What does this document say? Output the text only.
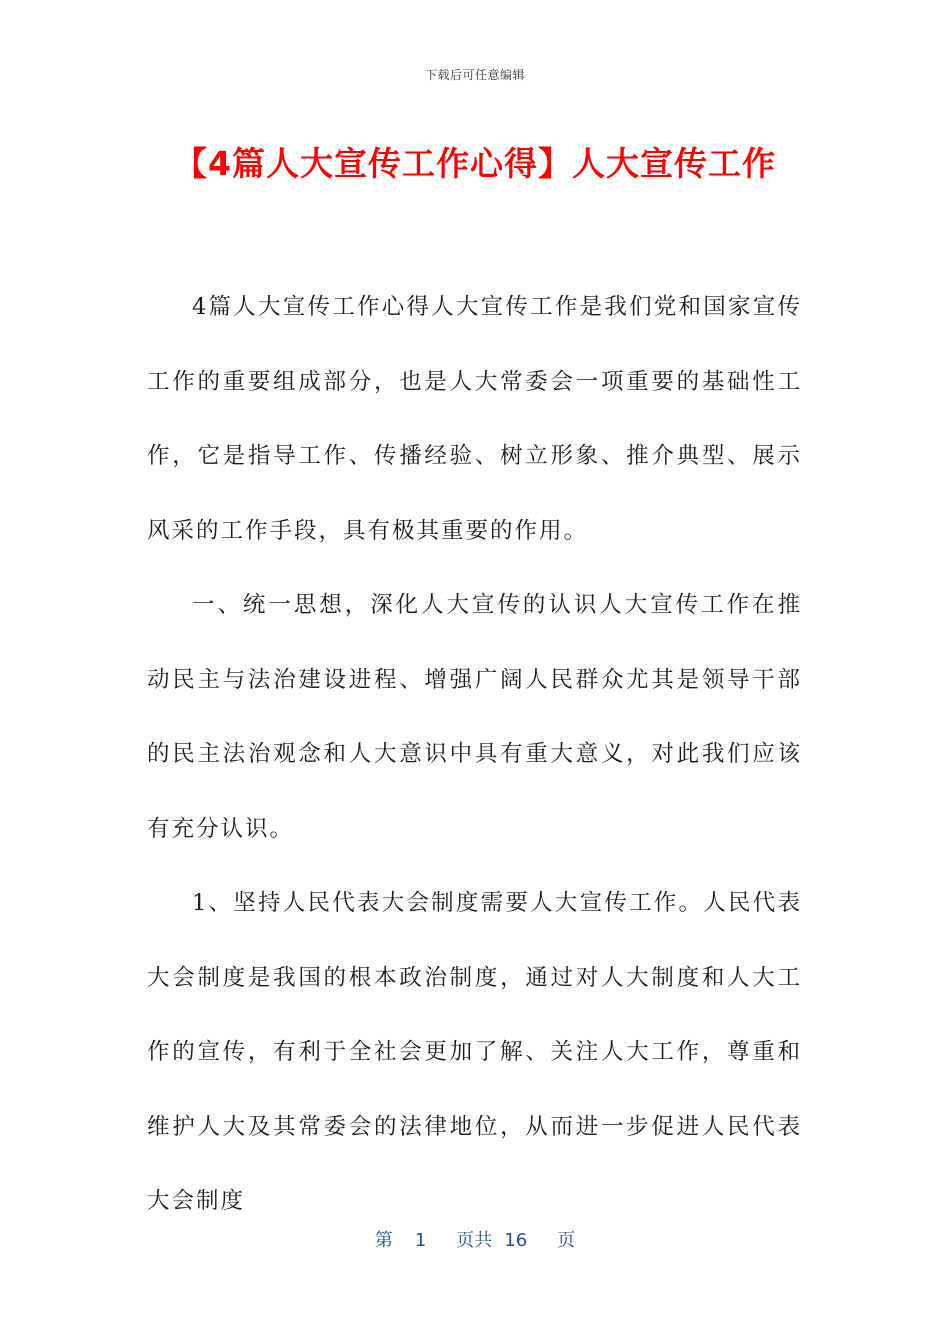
下载后可任意编辑
【4篇人大宣传工作心得】人大宣传工作

4篇人大宣传工作心得人大宣传工作是我们党和国家宣传工作的重要组成部分，也是人大常委会一项重要的基础性工作，它是指导工作、传播经验、树立形象、推介典型、展示风采的工作手段，具有极其重要的作用。

一、统一思想，深化人大宣传的认识人大宣传工作在推动民主与法治建设进程、增强广阔人民群众尤其是领导干部的民主法治观念和人大意识中具有重大意义，对此我们应该有充分认识。

1、坚持人民代表大会制度需要人大宣传工作。人民代表大会制度是我国的根本政治制度，通过对人大制度和人大工作的宣传，有利于全社会更加了解、关注人大工作，尊重和维护人大及其常委会的法律地位，从而进一步促进人民代表大会制度

第 1 页共 16 页
